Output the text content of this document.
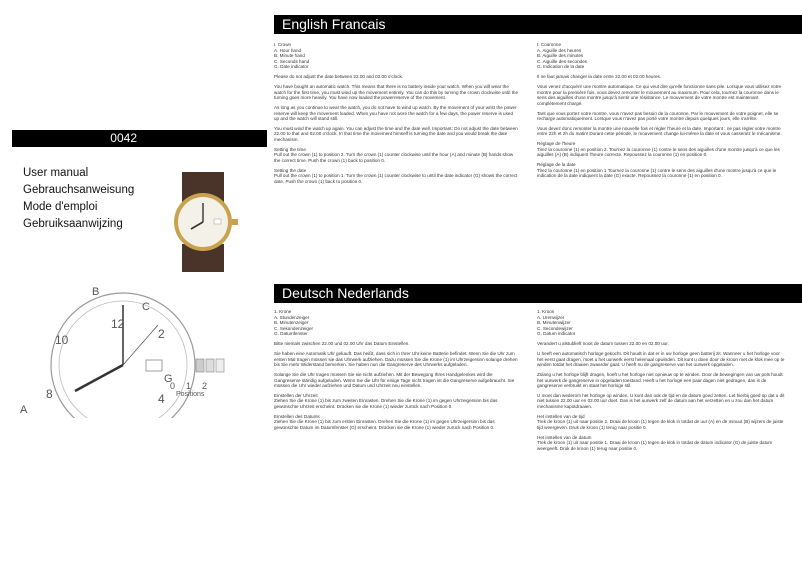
English Francais
Deutsch Nederlands
0042
User manual
Gebrauchsanweisung
Mode d'emploi
Gebruiksaanwijzing
12
10
8	4
2
A
B
C
G
0 1 2
Positions

I. Crown
A. Hour hand
B. Minute hand
C. Seconds hand
G. Date indicator

Please do not adjust the date between 22.00 and 02.00 o'clock.

You have bought an automatic watch. This means that there is no battery inside your watch. When you will wear the watch for the first time, you must wind up the movement entirely. You can do this by turning the crown clockwise until the turning goes more heavily. You have now loaded the powerreserve of the movement.

As long as you continue to wear the watch, you do not have to wind up watch. By the movement of your wrist the power reserve will keep the movement loaded. When you have not wore the watch for a few days, the power reserve is used up and the watch will stand still.

You must wind the watch up again. You can adjust the time and the date well. Important: Do not adjust the date between 22.00 to that and 02.00 o'clock. In that time the movement himself is turning the date and you would break the date mechanism.

Setting the time
Pull out the crown (1) to position 2. Turn the crown (1) counter clockwise until the hour (A) and minute (B) hands show the correct time. Push the crown (1) back to position 0.

Setting the date
Pull out the crown (1) to position 1. Turn the crown (1) counter clockwise to until the date indicator (G) shows the correct date. Push the crown (1) back to position 0.

I. Couronne
A. Aiguille des heures
B. Aiguille des minutes
C. Aiguille des secondes
G. Indication de la date

Il ne faut jamais changer la date entre 22.00 et 02.00 heures.

Vous venez d'acquérir une montre automatique. Ce qui veut dire qu'elle fonctionne sans pile. Lorsque vous utilisez votre montre pour la première fois, vous devez remonter le mouvement au maximum. Pour cela, tournez la couronne dans le sens des aiguilles d'une montre jusqu'à sentir une résistance. Le mouvement de votre montre est maintenant complètement chargé.

Tant que vous portez votre montre, vous n'avez pas besoin de la couronne. Par le mouvement de votre poignet, elle se recharge automatiquement. Lorsque vous n'avez pas porté votre montre depuis quelques jours, elle s'arrête.

Vous devez donc remonter la montre une nouvelle fois et régler l'heure et la date. Important : ne pas régler votre montre entre 22h et 2h du matin! Durant cette période, le mouvement change lui-même la date et vous casseriez le mécanisme.

Réglage de l'heure
Tirez la couronne (1) en position 2. Tournez la couronne (1) contre le sens des aiguilles d'une montre jusqu'à ce que les aiguilles (A) (B) indiquent l'heure correcte. Repoussez la couronne (1) en position 0.

Réglage de la date
Tirez la couronne (1) en position 1 Tournez la couronne (1) contre le sens des aiguilles d'une montre jusqu'à ce que le indication de la date indiquent la date (G) exacte. Repoussez la couronne (1) en position 0.

1. Krone
A. Stundenzeiger
B. Minutenzeiger
C. Sekundenzeiger
G. Datumfenster

Bitte niemals zwischen 22.00 und 02.00 Uhr das Datum Einstellen.

Sie haben eine Automatik Uhr gekauft. Das heißt, dass sich in Ihrer Uhr keine Batterie befindet. Wenn Sie die Uhr zum ersten Mal tragen müssen sie das Uhrwerk aufziehen. Dazu müssen Sie die Krone (1) im Uhrzeigersinn solange drehen bis Sie mehr Widerstand bemerken. Sie haben nun die Gangreserve des Uhrwerks aufgeladen.

Solange Sie die Uhr tragen müssen Sie sie nicht aufziehen. Mit der Bewegung Ihres Handgelenkes wird die Gangreserve ständig aufgeladen. Wenn Sie die Uhr für einige Tage nicht tragen ist die Gangreserve aufgebraucht. Sie müssen die Uhr wieder aufziehen und Datum und Uhrzeit neu einstellen.

Einstellen der Uhrzeit
Ziehen Sie die Krone (1) bis zum zweiten Einrasten. Drehen Sie die Krone (1) im gegen Uhrzeigersinn bis das gewünschte Uhrzeit erscheint. Drücken sie die Krone (1) wieder zurück nach Position 0.

Einstellen des Datums
Ziehen Sie die Krone (1) bis zum ersten Einrasten. Drehen Sie die Krone (1) im gegen Uhrzeigersinn bis das gewünschte Datum im Datumfenster (G) erscheint. Drücken sie die Krone (1) wieder zurück nach Position 0.

1. Kroon
A. Urenwijzer
B. Minutenwijzer
C. Secondewijzer
G. Datum indicator

Verandert u alstublieft nooit de datum tussen 22.00 en 02.00 uur.

U heeft een automatisch horloge gekocht. Dit houdt in dat er in uw horloge geen batterij zit. Wanneer u het horloge voor het eerst gaat dragen, moet u het uurwerk eerst helemaal opwinden. Dit kunt u doen door de kroon met de klok mee op te winden totdat het draaien zwaarder gaat. U heeft nu de gangreserve van het uurwerk opgeladen.

Zolang u het horloge blijft dragen, hoeft u het horloge niet opnieuw op te winden. Door de bewegingen van uw pols houdt het uurwerk de gangreserve in opgeladen toestand. Heeft u het horloge een paar dagen niet gedragen, dan is de gangreserve verbruikt en staat het horloge stil.

U moet dan wederom het horloge op winden. U kunt dan ook de tijd en de datum goed zetten. Let hierbij goed op dat u dit niet tussen 22.00 uur en 02.00 uur doet. Dan is het uurwerk zelf de datum aan het verzetten en u zou dan het datum mechanisme kapotdraaien.

Het instellen van de tijd
Trek de kroon (1) uit naar positie 2. Draai de kroon (1) tegen de klok in totdat de uur (A) en de minuut (B) wijzers de juiste tijd weergeven. Druk de kroon (1) terug naar positie 0.

Het instellen van de datum
Trek de kroon (1) uit naar positie 1. Draai de kroon (1) tegen de klok in totdat de datum indicator (G) de juiste datum weergeeft. Druk de kroon (1) terug naar positie 0.
